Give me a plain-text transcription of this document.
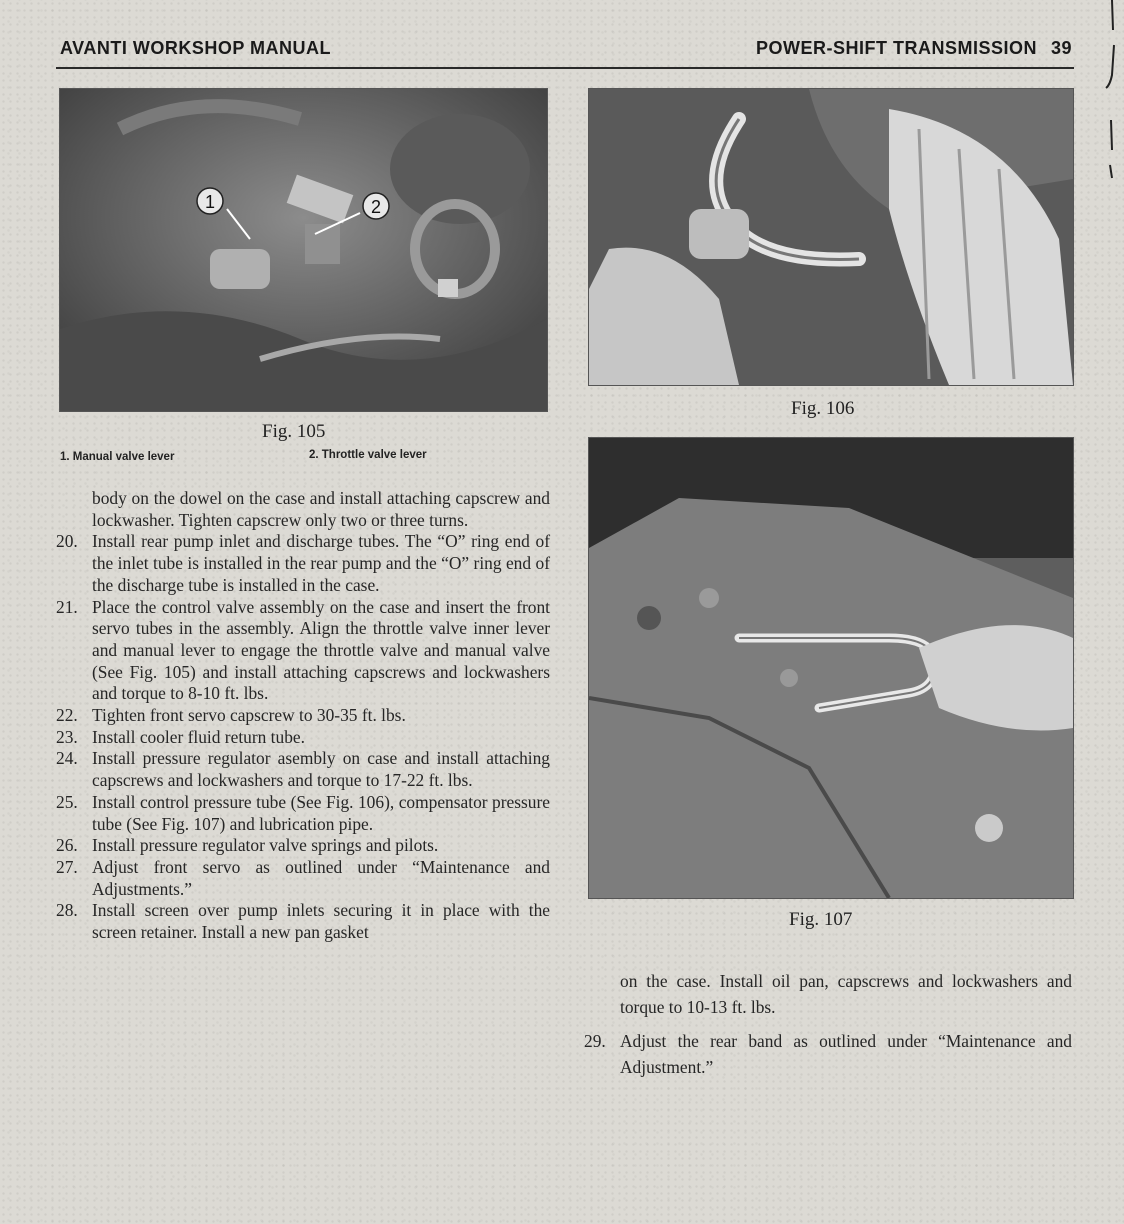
AVANTI WORKSHOP MANUAL	POWER-SHIFT TRANSMISSION 39
1	2
Fig. 105
1. Manual valve lever	2. Throttle valve lever
Fig. 106
Fig. 107

body on the dowel on the case and install attaching capscrew and lockwasher. Tighten capscrew only two or three turns.

20. Install rear pump inlet and discharge tubes. The “O” ring end of the inlet tube is installed in the rear pump and the “O” ring end of the discharge tube is installed in the case.
21. Place the control valve assembly on the case and insert the front servo tubes in the assembly. Align the throttle valve inner lever and manual lever to engage the throttle valve and manual valve (See Fig. 105) and install attaching capscrews and lockwashers and torque to 8-10 ft. lbs.
22. Tighten front servo capscrew to 30-35 ft. lbs.
23. Install cooler fluid return tube.
24. Install pressure regulator asembly on case and install attaching capscrews and lockwashers and torque to 17-22 ft. lbs.
25. Install control pressure tube (See Fig. 106), compensator pressure tube (See Fig. 107) and lubrication pipe.
26. Install pressure regulator valve springs and pilots.
27. Adjust front servo as outlined under “Maintenance and Adjustments.”
28. Install screen over pump inlets securing it in place with the screen retainer. Install a new pan gasket

on the case. Install oil pan, capscrews and lockwashers and torque to 10-13 ft. lbs.

29. Adjust the rear band as outlined under “Maintenance and Adjustment.”
